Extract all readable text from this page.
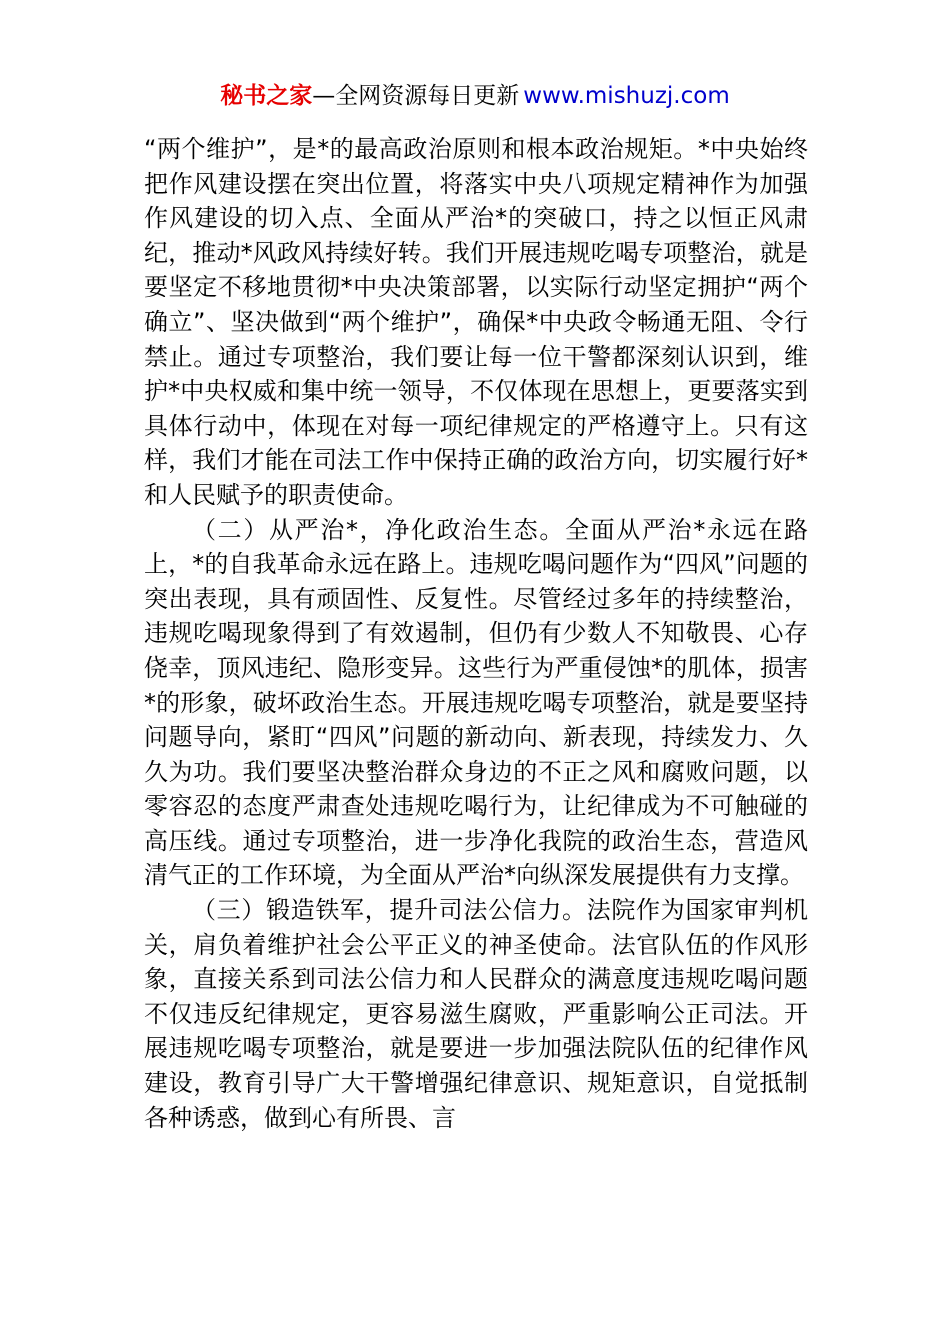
秘书之家—全网资源每日更新 www.mishuzj.com

“两个维护”，是*的最高政治原则和根本政治规矩。*中央始终把作风建设摆在突出位置，将落实中央八项规定精神作为加强作风建设的切入点、全面从严治*的突破口，持之以恒正风肃纪，推动*风政风持续好转。我们开展违规吃喝专项整治，就是要坚定不移地贯彻*中央决策部署，以实际行动坚定拥护“两个确立”、坚决做到“两个维护”，确保*中央政令畅通无阻、令行禁止。通过专项整治，我们要让每一位干警都深刻认识到，维护*中央权威和集中统一领导，不仅体现在思想上，更要落实到具体行动中，体现在对每一项纪律规定的严格遵守上。只有这样，我们才能在司法工作中保持正确的政治方向，切实履行好*和人民赋予的职责使命。

（二）从严治*，净化政治生态。全面从严治*永远在路上，*的自我革命永远在路上。违规吃喝问题作为“四风”问题的突出表现，具有顽固性、反复性。尽管经过多年的持续整治，违规吃喝现象得到了有效遏制，但仍有少数人不知敬畏、心存侥幸，顶风违纪、隐形变异。这些行为严重侵蚀*的肌体，损害*的形象，破坏政治生态。开展违规吃喝专项整治，就是要坚持问题导向，紧盯“四风”问题的新动向、新表现，持续发力、久久为功。我们要坚决整治群众身边的不正之风和腐败问题，以零容忍的态度严肃查处违规吃喝行为，让纪律成为不可触碰的高压线。通过专项整治，进一步净化我院的政治生态，营造风清气正的工作环境，为全面从严治*向纵深发展提供有力支撑。

（三）锻造铁军，提升司法公信力。法院作为国家审判机关，肩负着维护社会公平正义的神圣使命。法官队伍的作风形象，直接关系到司法公信力和人民群众的满意度违规吃喝问题不仅违反纪律规定，更容易滋生腐败，严重影响公正司法。开展违规吃喝专项整治，就是要进一步加强法院队伍的纪律作风建设，教育引导广大干警增强纪律意识、规矩意识，自觉抵制各种诱惑，做到心有所畏、言
